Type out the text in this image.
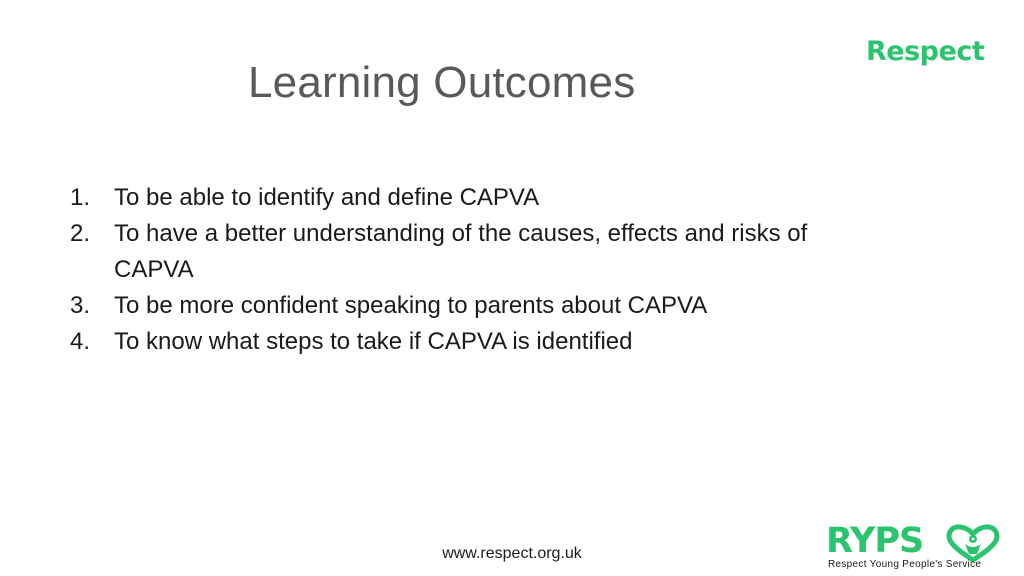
Learning Outcomes
Respect
1. To be able to identify and define CAPVA
2. To have a better understanding of the causes, effects and risks of CAPVA
3. To be more confident speaking to parents about CAPVA
4. To know what steps to take if CAPVA is identified
www.respect.org.uk	RYPS
Respect Young People's Service
